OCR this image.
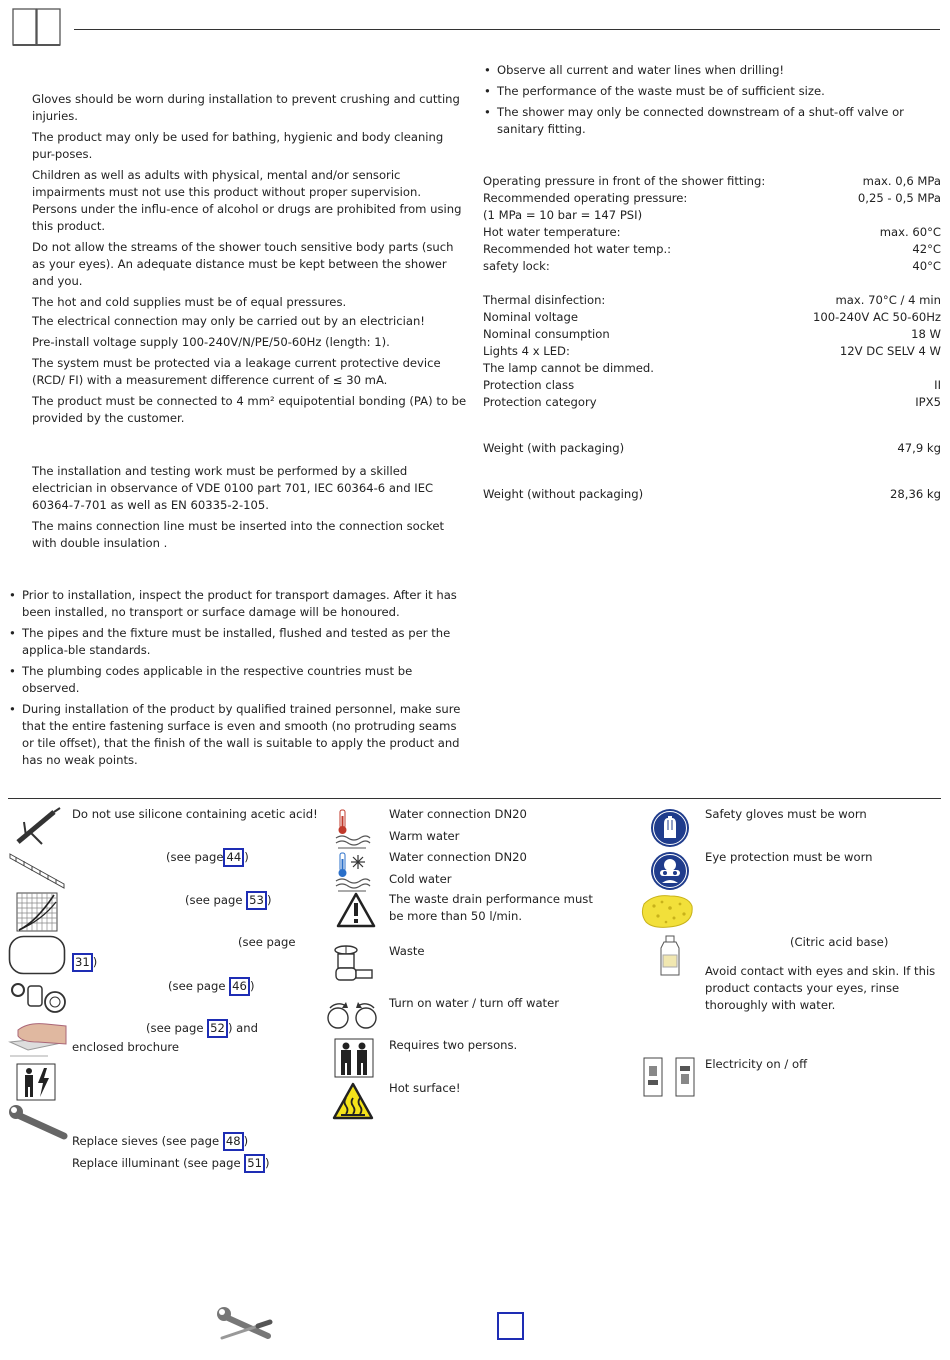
Gloves should be worn during installation to prevent crushing and cutting injuries.

The product may only be used for bathing, hygienic and body cleaning pur-poses.

Children as well as adults with physical, mental and/or sensoric impairments must not use this product without proper supervision. Persons under the influ-ence of alcohol or drugs are prohibited from using this product.

Do not allow the streams of the shower touch sensitive body parts (such as your eyes). An adequate distance must be kept between the shower and you.

The hot and cold supplies must be of equal pressures.

The electrical connection may only be carried out by an electrician!

Pre-install voltage supply 100-240V/N/PE/50-60Hz (length: 1).

The system must be protected via a leakage current protective device (RCD/ FI) with a measurement difference current of ≤ 30 mA.

The product must be connected to 4 mm² equipotential bonding (PA) to be provided by the customer.

The installation and testing work must be performed by a skilled electrician in observance of VDE 0100 part 701, IEC 60364-6 and IEC 60364-7-701 as well as EN 60335-2-105.

The mains connection line must be inserted into the connection socket with double insulation .

• Prior to installation, inspect the product for transport damages. After it has been installed, no transport or surface damage will be honoured.
• The pipes and the fixture must be installed, flushed and tested as per the applica-ble standards.
• The plumbing codes applicable in the respective countries must be observed.
• During installation of the product by qualified trained personnel, make sure that the entire fastening surface is even and smooth (no protruding seams or tile offset), that the finish of the wall is suitable to apply the product and has no weak points.
• Observe all current and water lines when drilling!
• The performance of the waste must be of sufficient size.
• The shower may only be connected downstream of a shut-off valve or sanitary fitting.
Operating pressure in front of the shower fitting:	max. 0,6 MPa
Recommended operating pressure:	0,25 - 0,5 MPa
(1 MPa = 10 bar = 147 PSI)
Hot water temperature:	max. 60°C
Recommended hot water temp.:	42°C
safety lock:	40°C
Thermal disinfection:	max. 70°C / 4 min
Nominal voltage	100-240V AC 50-60Hz
Nominal consumption	18 W
Lights 4 x LED:	12V DC SELV 4 W
The lamp cannot be dimmed.
Protection class	II
Protection category	IPX5
Weight (with packaging)	47,9 kg
Weight (without packaging)	28,36 kg
Do not use silicone containing acetic acid!
(see page 44 )
(see page 53 )
(see page
31 )
(see page 46 )
(see page 52 ) and
enclosed brochure
Replace sieves (see page 48 )
Replace illuminant (see page 51 )
Water connection DN20
Warm water
Water connection DN20
Cold water
The waste drain performance must be more than 50 l/min.
Waste
Turn on water / turn off water
Requires two persons.
Hot surface!
Safety gloves must be worn
Eye protection must be worn
(Citric acid base)
Avoid contact with eyes and skin. If this product contacts your eyes, rinse thoroughly with water.
Electricity on / off
